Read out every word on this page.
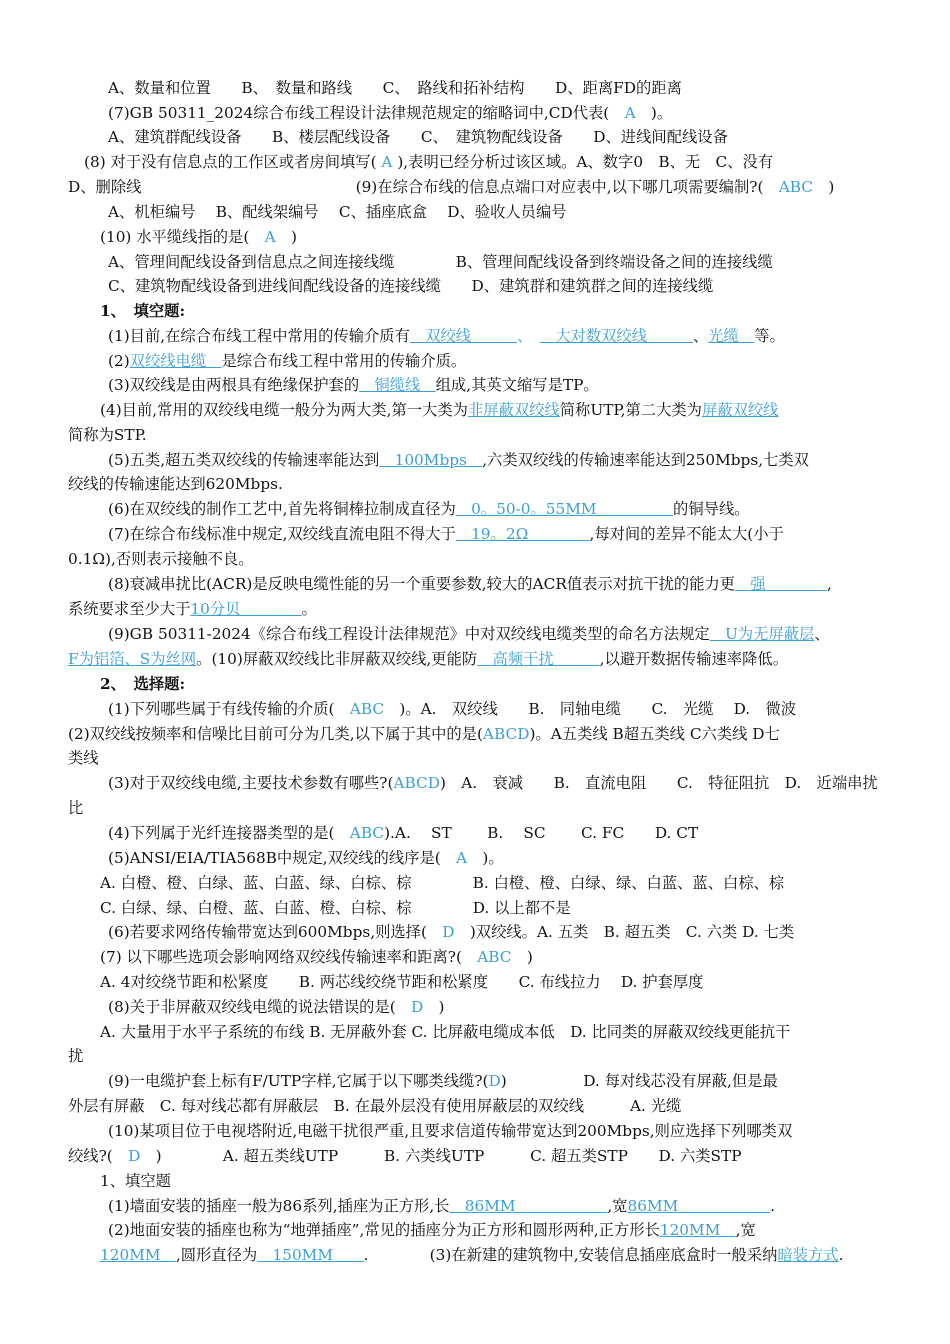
A、数量和位置　　B、　数量和路线　　C、　路线和拓补结构　　D、距离FD的距离
(7)GB 50311_2024综合布线工程设计法律规范规定的缩略词中,CD代表(　A　)。
A、建筑群配线设备　　B、楼层配线设备　　C、　建筑物配线设备　　D、进线间配线设备
(8) 对于没有信息点的工作区或者房间填写( A ),表明已经分析过该区域。A、数字0　B、无　C、没有
D、删除线　　　　　　　　　　　　　　(9)在综合布线的信息点端口对应表中,以下哪几项需要编制?(　ABC　)
A、机柜编号　 B、配线架编号　 C、插座底盒　 D、验收人员编号
(10) 水平缆线指的是(　A　)
A、管理间配线设备到信息点之间连接线缆　　　　B、管理间配线设备到终端设备之间的连接线缆
C、建筑物配线设备到进线间配线设备的连接线缆　　D、建筑群和建筑群之间的连接线缆
1、　填空题:
(1)目前,在综合布线工程中常用的传输介质有　双绞线　　　、　　大对数双绞线　　　、光缆　等。
(2)双绞线电缆　是综合布线工程中常用的传输介质。
(3)双绞线是由两根具有绝缘保护套的　铜缆线　组成,其英文缩写是TP。
(4)目前,常用的双绞线电缆一般分为两大类,第一大类为非屏蔽双绞线简称UTP,第二大类为屏蔽双绞线
简称为STP.
(5)五类,超五类双绞线的传输速率能达到　100Mbps　,六类双绞线的传输速率能达到250Mbps,七类双
绞线的传输速能达到620Mbps.
(6)在双绞线的制作工艺中,首先将铜棒拉制成直径为　0。50-0。55MM　　　　　的铜导线。
(7)在综合布线标准中规定,双绞线直流电阻不得大于　19。2Ω　　　　,每对间的差异不能太大(小于
0.1Ω),否则表示接触不良。
(8)衰减串扰比(ACR)是反映电缆性能的另一个重要参数,较大的ACR值表示对抗干扰的能力更　强　　　　,
系统要求至少大于10分贝　　　　。
(9)GB 50311-2024《综合布线工程设计法律规范》中对双绞线电缆类型的命名方法规定　U为无屏蔽层、
F为铝箔、S为丝网。(10)屏蔽双绞线比非屏蔽双绞线,更能防　高频干扰　　　,以避开数据传输速率降低。
2、　选择题:
(1)下列哪些属于有线传输的介质(　ABC　)。A.　双绞线　　B.　同轴电缆　　C.　光缆　 D.　微波
(2)双绞线按频率和信噪比目前可分为几类,以下属于其中的是(ABCD)。A五类线 B超五类线 C六类线 D七
类线
(3)对于双绞线电缆,主要技术参数有哪些?(ABCD)　A.　衰减　　B.　直流电阻　　C.　特征阻抗　D.　近端串扰
比
(4)下列属于光纤连接器类型的是(　ABC).A.　 ST　　 B.　 SC　　 C. FC　　D. CT
(5)ANSI/EIA/TIA568B中规定,双绞线的线序是(　A　)。
A. 白橙、橙、白绿、蓝、白蓝、绿、白棕、棕　　　　B. 白橙、橙、白绿、绿、白蓝、蓝、白棕、棕
C. 白绿、绿、白橙、蓝、白蓝、橙、白棕、棕　　　　D. 以上都不是
(6)若要求网络传输带宽达到600Mbps,则选择(　D　)双绞线。A. 五类　B. 超五类　C. 六类 D. 七类
(7) 以下哪些选项会影响网络双绞线传输速率和距离?(　ABC　)
A. 4对绞绕节距和松紧度　　B. 两芯线绞绕节距和松紧度　　C. 布线拉力　 D. 护套厚度
(8)关于非屏蔽双绞线电缆的说法错误的是(　D　)
A. 大量用于水平子系统的布线 B. 无屏蔽外套 C. 比屏蔽电缆成本低　D. 比同类的屏蔽双绞线更能抗干
扰
(9)一电缆护套上标有F/UTP字样,它属于以下哪类线缆?(D)　　　　　D. 每对线芯没有屏蔽,但是最
外层有屏蔽　C. 每对线芯都有屏蔽层　B. 在最外层没有使用屏蔽层的双绞线　　　A. 光缆
(10)某项目位于电视塔附近,电磁干扰很严重,且要求信道传输带宽达到200Mbps,则应选择下列哪类双
绞线?(　D　)　　　　A. 超五类线UTP　　　B. 六类线UTP　　　C. 超五类STP　　D. 六类STP
1、填空题
(1)墙面安装的插座一般为86系列,插座为正方形,长　86MM　　　　　　,宽86MM　　　　　　.
(2)地面安装的插座也称为“地弹插座”,常见的插座分为正方形和圆形两种,正方形长120MM　,宽　
120MM　,圆形直径为　150MM　　.　　　　(3)在新建的建筑物中,安装信息插座底盒时一般采纳暗装方式.
